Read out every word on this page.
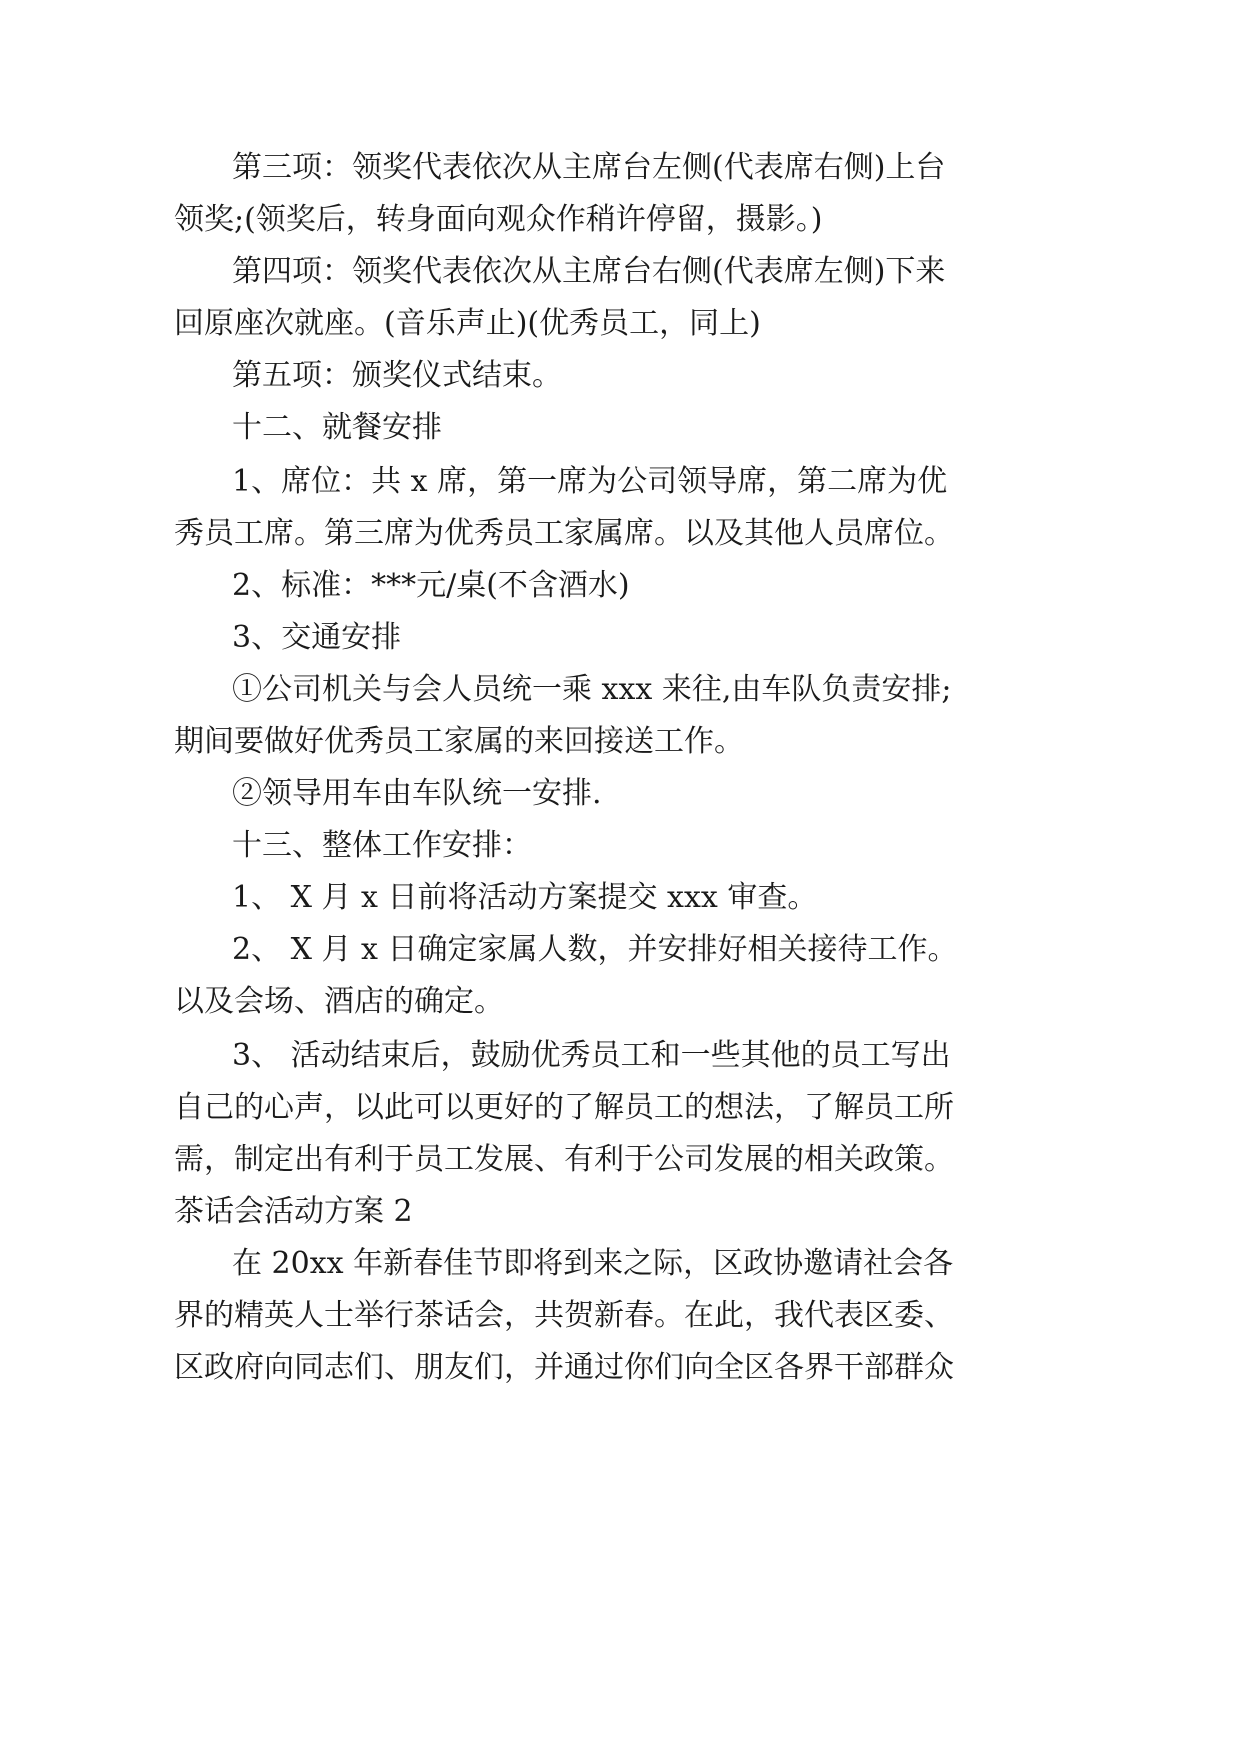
第三项：领奖代表依次从主席台左侧(代表席右侧)上台
领奖;(领奖后，转身面向观众作稍许停留，摄影。)
第四项：领奖代表依次从主席台右侧(代表席左侧)下来
回原座次就座。(音乐声止)(优秀员工，同上)
第五项：颁奖仪式结束。
十二、就餐安排
1、席位：共 x 席，第一席为公司领导席，第二席为优
秀员工席。第三席为优秀员工家属席。以及其他人员席位。
2、标准：***元/桌(不含酒水)
3、交通安排
①公司机关与会人员统一乘 xxx 来往,由车队负责安排;
期间要做好优秀员工家属的来回接送工作。
②领导用车由车队统一安排.
十三、整体工作安排：
1、 X 月 x 日前将活动方案提交 xxx 审查。
2、 X 月 x 日确定家属人数，并安排好相关接待工作。
以及会场、酒店的确定。
3、 活动结束后，鼓励优秀员工和一些其他的员工写出
自己的心声，以此可以更好的了解员工的想法，了解员工所
需，制定出有利于员工发展、有利于公司发展的相关政策。
茶话会活动方案 2
在 20xx 年新春佳节即将到来之际，区政协邀请社会各
界的精英人士举行茶话会，共贺新春。在此，我代表区委、
区政府向同志们、朋友们，并通过你们向全区各界干部群众
